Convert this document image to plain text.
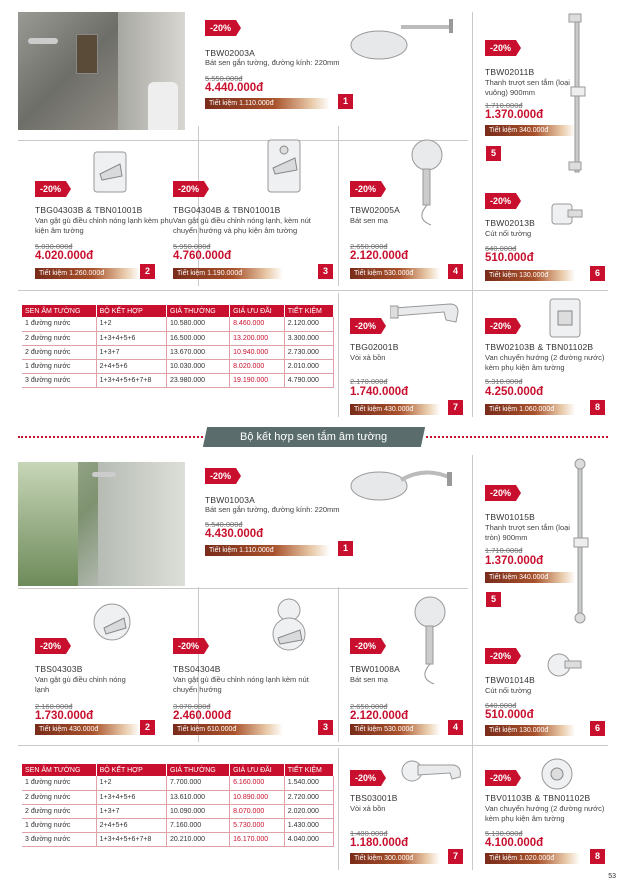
-20%
TBW02003A
Bát sen gắn tường, đường kính: 220mm
5.550.000đ
4.440.000đ
Tiết kiệm 1.110.000đ	1
-20%
TBW02011B
Thanh trượt sen tắm (loại vuông) 900mm
1.710.000đ
1.370.000đ
Tiết kiệm 340.000đ
5
-20%
TBG04303B & TBN01001B
Van gật gù điều chỉnh nóng lạnh kèm phụ kiện âm tường
5.030.000đ
4.020.000đ
Tiết kiệm 1.260.000đ	2
-20%
TBG04304B & TBN01001B
Van gật gù điều chỉnh nóng lạnh, kèm nút chuyển hướng và phụ kiện âm tường
5.950.000đ
4.760.000đ
Tiết kiệm 1.190.000đ	3
-20%
TBW02005A
Bát sen mạ
2.650.000đ
2.120.000đ
Tiết kiệm 530.000đ	4
-20%
TBW02013B
Cút nối tường
640.000đ
510.000đ
Tiết kiệm 130.000đ	6
SEN ÂM TƯỜNG	BỘ KẾT HỢP	GIÁ THƯỜNG	GIÁ ƯU ĐÃI	TIẾT KIỆM
1 đường nước	1+2	10.580.000	8.460.000	2.120.000
2 đường nước	1+3+4+5+6	16.500.000	13.200.000	3.300.000
2 đường nước	1+3+7	13.670.000	10.940.000	2.730.000
1 đường nước	2+4+5+6	10.030.000	8.020.000	2.010.000
3 đường nước	1+3+4+5+6+7+8	23.980.000	19.190.000	4.790.000
-20%
TBG02001B
Vòi xả bồn
2.170.000đ
1.740.000đ
Tiết kiệm 430.000đ	7
-20%
TBW02103B & TBN01102B
Van chuyển hướng (2 đường nước) kèm phụ kiện âm tường
5.310.000đ
4.250.000đ
Tiết kiệm 1.060.000đ	8
Bộ kết hợp sen tắm âm tường
-20%
TBW01003A
Bát sen gắn tường, đường kính: 220mm
5.540.000đ
4.430.000đ
Tiết kiệm 1.110.000đ	1
-20%
TBW01015B
Thanh trượt sen tắm (loại tròn) 900mm
1.710.000đ
1.370.000đ
Tiết kiệm 340.000đ
5
-20%
TBS04303B
Van gật gù điều chỉnh nóng lạnh
2.160.000đ
1.730.000đ
Tiết kiệm 430.000đ	2
-20%
TBS04304B
Van gật gù điều chỉnh nóng lạnh kèm nút chuyển hướng
3.070.000đ
2.460.000đ
Tiết kiệm 610.000đ	3
-20%
TBW01008A
Bát sen mạ
2.650.000đ
2.120.000đ
Tiết kiệm 530.000đ	4
-20%
TBW01014B
Cút nối tường
640.000đ
510.000đ
Tiết kiệm 130.000đ	6
SEN ÂM TƯỜNG	BỘ KẾT HỢP	GIÁ THƯỜNG	GIÁ ƯU ĐÃI	TIẾT KIỆM
1 đường nước	1+2	7.700.000	6.160.000	1.540.000
2 đường nước	1+3+4+5+6	13.610.000	10.890.000	2.720.000
2 đường nước	1+3+7	10.090.000	8.070.000	2.020.000
1 đường nước	2+4+5+6	7.160.000	5.730.000	1.430.000
3 đường nước	1+3+4+5+6+7+8	20.210.000	16.170.000	4.040.000
-20%
TBS03001B
Vòi xả bồn
1.480.000đ
1.180.000đ
Tiết kiệm 300.000đ	7
-20%
TBV01103B & TBN01102B
Van chuyển hướng (2 đường nước) kèm phụ kiện âm tường
5.130.000đ
4.100.000đ
Tiết kiệm 1.020.000đ	8
53
